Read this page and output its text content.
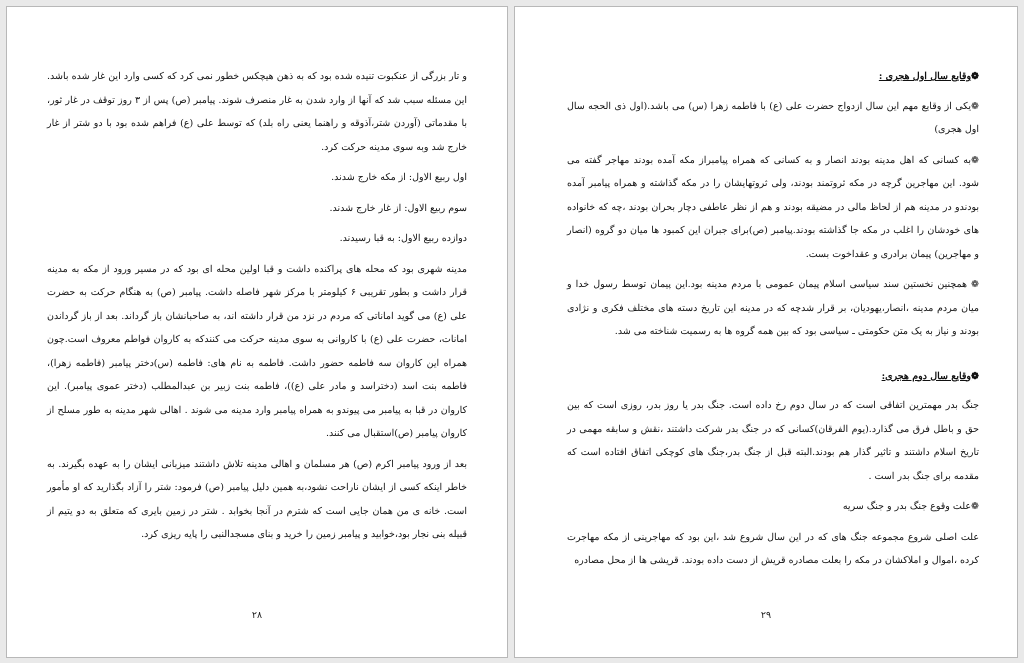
و تار بزرگی از عنکبوت تنیده شده بود که به ذهن هیچکس خطور نمی کرد که کسی وارد این غار شده باشد. این مسئله سبب شد که آنها از وارد شدن به غار منصرف شوند. پیامبر (ص) پس از ۳ روز توقف در غار ثور، با مقدماتی (آوردن شتر،آذوقه و راهنما یعنی راه بلد) که توسط علی (ع) فراهم شده بود با دو شتر از غار خارج شد وبه سوی مدینه حرکت کرد.

اول ربیع الاول: از مکه خارج شدند.

سوم ربیع الاول: از غار خارج شدند.

دوازده ربیع الاول: به قبا رسیدند.

مدینه شهری بود که محله های پراکنده داشت و قبا اولین محله ای بود که در مسیر ورود از مکه به مدینه قرار داشت و بطور تقریبی ۶ کیلومتر با مرکز شهر فاصله داشت. پیامبر (ص) به هنگام حرکت به حضرت علی (ع) می گوید اماناتی که مردم در نزد من قرار داشته اند، به صاحبانشان باز گرداند. بعد از باز گرداندن امانات، حضرت علی (ع) با کاروانی به سوی مدینه حرکت می کنندکه به کاروان فواطم معروف است.چون همراه این کاروان سه فاطمه حضور داشت. فاطمه به نام های: فاطمه (س)دختر پیامبر (فاطمه زهرا)، فاطمه بنت اسد (دختراسد و مادر علی (ع))، فاطمه بنت زبیر بن عبدالمطلب (دختر عموی پیامبر). این کاروان در قبا به پیامبر می پیوندو به همراه پیامبر وارد مدینه می شوند . اهالی شهر مدینه به طور مسلح از کاروان پیامبر (ص)استقبال می کنند.

بعد از ورود پیامبر اکرم (ص) هر مسلمان و اهالی مدینه تلاش داشتند میزبانی ایشان را به عهده بگیرند. به خاطر اینکه کسی از ایشان ناراحت نشود،به همین دلیل پیامبر (ص) فرمود: شتر را آزاد بگذارید که او مأمور است. خانه ی من همان جایی است که شترم در آنجا بخوابد . شتر در زمین بایری که متعلق به دو یتیم از قبیله بنی نجار بود،خوابید و پیامبر زمین را خرید و بنای مسجدالنبی را پایه ریزی کرد.

۲۸
❁وقایع سال اول هجری :

❁یکی از وقایع مهم این سال ازدواج حضرت علی (ع) با فاطمه زهرا (س) می باشد.(اول ذی الحجه سال اول هجری)

❁به کسانی که اهل مدینه بودند انصار و به کسانی که همراه پیامبراز مکه آمده بودند مهاجر گفته می شود. این مهاجرین گرچه در مکه ثروتمند بودند، ولی ثروتهایشان را در مکه گذاشته و همراه پیامبر آمده بودندو در مدینه هم از لحاظ مالی در مضیقه بودند و هم از نظر عاطفی دچار بحران بودند ،چه که خانواده های خودشان را اغلب در مکه جا گذاشته بودند.پیامبر (ص)برای جبران این کمبود ها میان دو گروه (انصار و مهاجرین) پیمان برادری و عقداخوت بست.

❁ همچنین نخستین سند سیاسی اسلام پیمان عمومی با مردم مدینه بود.این پیمان توسط رسول خدا و میان مردم مدینه ،انصار،یهودیان، بر قرار شدچه که در مدینه این تاریخ دسته های مختلف فکری و نژادی بودند و نیاز به یک متن حکومتی ـ سیاسی بود که بین همه گروه ها به رسمیت شناخته می شد.

❁وقایع سال دوم هجری:

جنگ بدر مهمترین اتفاقی است که در سال دوم رخ داده است. جنگ بدر یا روز بدر، روزی است که بین حق و باطل فرق می گذارد.(یوم الفرقان)کسانی که در جنگ بدر شرکت داشتند ،نقش و سابقه مهمی در تاریخ اسلام داشتند و تاثیر گذار هم بودند.البته قبل از جنگ بدر،جنگ های کوچکی اتفاق افتاده است که مقدمه برای جنگ بدر است .

❁علت وقوع جنگ بدر و جنگ سریه

علت اصلی شروع مجموعه جنگ های که در این سال شروع شد ،این بود که مهاجرینی از مکه مهاجرت کرده ،اموال و املاکشان در مکه را بعلت مصادره قریش از دست داده بودند. قریشی ها از محل مصادره

۲۹
